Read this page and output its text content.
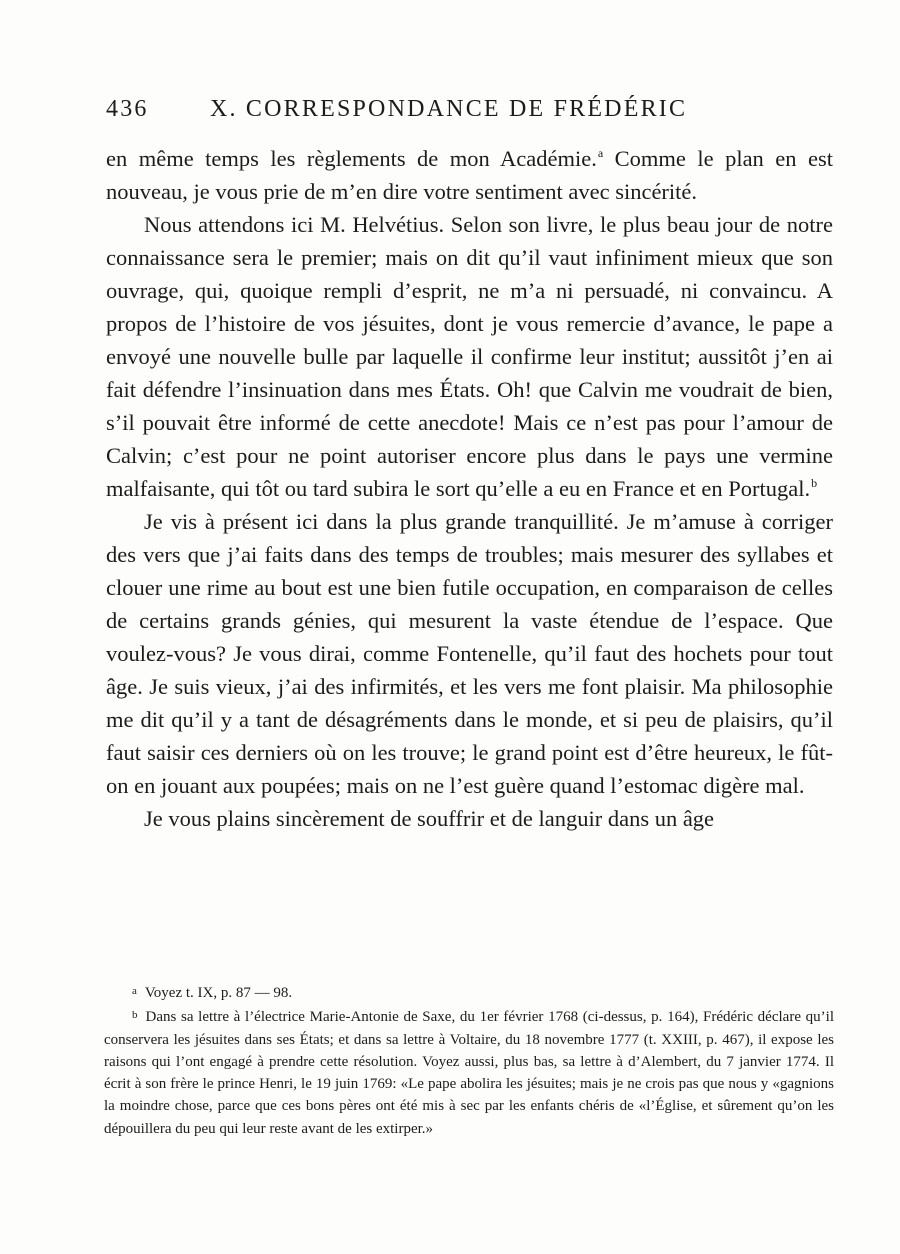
436	X. CORRESPONDANCE DE FRÉDÉRIC

en même temps les règlements de mon Académie.$^a$ Comme le plan en est nouveau, je vous prie de m’en dire votre sentiment avec sincérité.

Nous attendons ici M. Helvétius. Selon son livre, le plus beau jour de notre connaissance sera le premier; mais on dit qu’il vaut infiniment mieux que son ouvrage, qui, quoique rempli d’esprit, ne m’a ni persuadé, ni convaincu. A propos de l’histoire de vos jésuites, dont je vous remercie d’avance, le pape a envoyé une nouvelle bulle par laquelle il confirme leur institut; aussitôt j’en ai fait défendre l’insinuation dans mes États. Oh! que Calvin me voudrait de bien, s’il pouvait être informé de cette anecdote! Mais ce n’est pas pour l’amour de Calvin; c’est pour ne point autoriser encore plus dans le pays une vermine malfaisante, qui tôt ou tard subira le sort qu’elle a eu en France et en Portugal.$^b$

Je vis à présent ici dans la plus grande tranquillité. Je m’amuse à corriger des vers que j’ai faits dans des temps de troubles; mais mesurer des syllabes et clouer une rime au bout est une bien futile occupation, en comparaison de celles de certains grands génies, qui mesurent la vaste étendue de l’espace. Que voulez-vous? Je vous dirai, comme Fontenelle, qu’il faut des hochets pour tout âge. Je suis vieux, j’ai des infirmités, et les vers me font plaisir. Ma philosophie me dit qu’il y a tant de désagréments dans le monde, et si peu de plaisirs, qu’il faut saisir ces derniers où on les trouve; le grand point est d’être heureux, le fût-on en jouant aux poupées; mais on ne l’est guère quand l’estomac digère mal.

Je vous plains sincèrement de souffrir et de languir dans un âge

$^a$ Voyez t. IX, p. 87 — 98.

$^b$ Dans sa lettre à l’électrice Marie-Antonie de Saxe, du 1er février 1768 (ci-dessus, p. 164), Frédéric déclare qu’il conservera les jésuites dans ses États; et dans sa lettre à Voltaire, du 18 novembre 1777 (t. XXIII, p. 467), il expose les raisons qui l’ont engagé à prendre cette résolution. Voyez aussi, plus bas, sa lettre à d’Alembert, du 7 janvier 1774. Il écrit à son frère le prince Henri, le 19 juin 1769: «Le pape abolira les jésuites; mais je ne crois pas que nous y «gagnions la moindre chose, parce que ces bons pères ont été mis à sec par les enfants chéris de «l’Église, et sûrement qu’on les dépouillera du peu qui leur reste avant de les extirper.»
